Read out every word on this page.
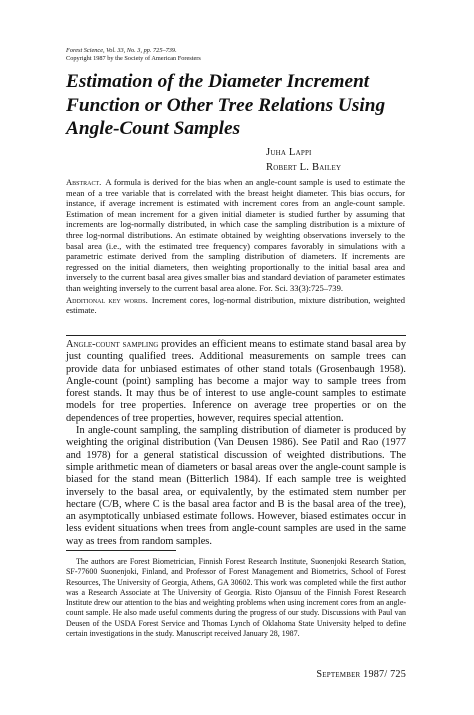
Forest Science, Vol. 33, No. 3, pp. 725–739.
Copyright 1987 by the Society of American Foresters
Estimation of the Diameter Increment Function or Other Tree Relations Using Angle-Count Samples
Juha Lappi
Robert L. Bailey
Abstract. A formula is derived for the bias when an angle-count sample is used to estimate the mean of a tree variable that is correlated with the breast height diameter. This bias occurs, for instance, if average increment is estimated with increment cores from an angle-count sample. Estimation of mean increment for a given initial diameter is studied further by assuming that increments are log-normally distributed, in which case the sampling distribution is a mixture of three log-normal distributions. An estimate obtained by weighting observations inversely to the basal area (i.e., with the estimated tree frequency) compares favorably in simulations with a parametric estimate derived from the sampling distribution of diameters. If increments are regressed on the initial diameters, then weighting proportionally to the initial basal area and inversely to the current basal area gives smaller bias and standard deviation of parameter estimates than weighting inversely to the current basal area alone. For. Sci. 33(3):725–739.
Additional key words. Increment cores, log-normal distribution, mixture distribution, weighted estimate.

Angle-count sampling provides an efficient means to estimate stand basal area by just counting qualified trees. Additional measurements on sample trees can provide data for unbiased estimates of other stand totals (Grosenbaugh 1958). Angle-count (point) sampling has become a major way to sample trees from forest stands. It may thus be of interest to use angle-count samples to estimate models for tree properties. Inference on average tree properties or on the dependences of tree properties, however, requires special attention.

In angle-count sampling, the sampling distribution of diameter is produced by weighting the original distribution (Van Deusen 1986). See Patil and Rao (1977 and 1978) for a general statistical discussion of weighted distributions. The simple arithmetic mean of diameters or basal areas over the angle-count sample is biased for the stand mean (Bitterlich 1984). If each sample tree is weighted inversely to the basal area, or equivalently, by the estimated stem number per hectare (C/B, where C is the basal area factor and B is the basal area of the tree), an asymptotically unbiased estimate follows. However, biased estimates occur in less evident situations when trees from angle-count samples are used in the same way as trees from random samples.

The authors are Forest Biometrician, Finnish Forest Research Institute, Suonenjoki Research Station, SF-77600 Suonenjoki, Finland, and Professor of Forest Management and Biometrics, School of Forest Resources, The University of Georgia, Athens, GA 30602. This work was completed while the first author was a Research Associate at The University of Georgia. Risto Ojansuu of the Finnish Forest Research Institute drew our attention to the bias and weighting problems when using increment cores from an angle-count sample. He also made useful comments during the progress of our study. Discussions with Paul van Deusen of the USDA Forest Service and Thomas Lynch of Oklahoma State University helped to define certain investigations in the study. Manuscript received January 28, 1987.
September 1987/ 725
